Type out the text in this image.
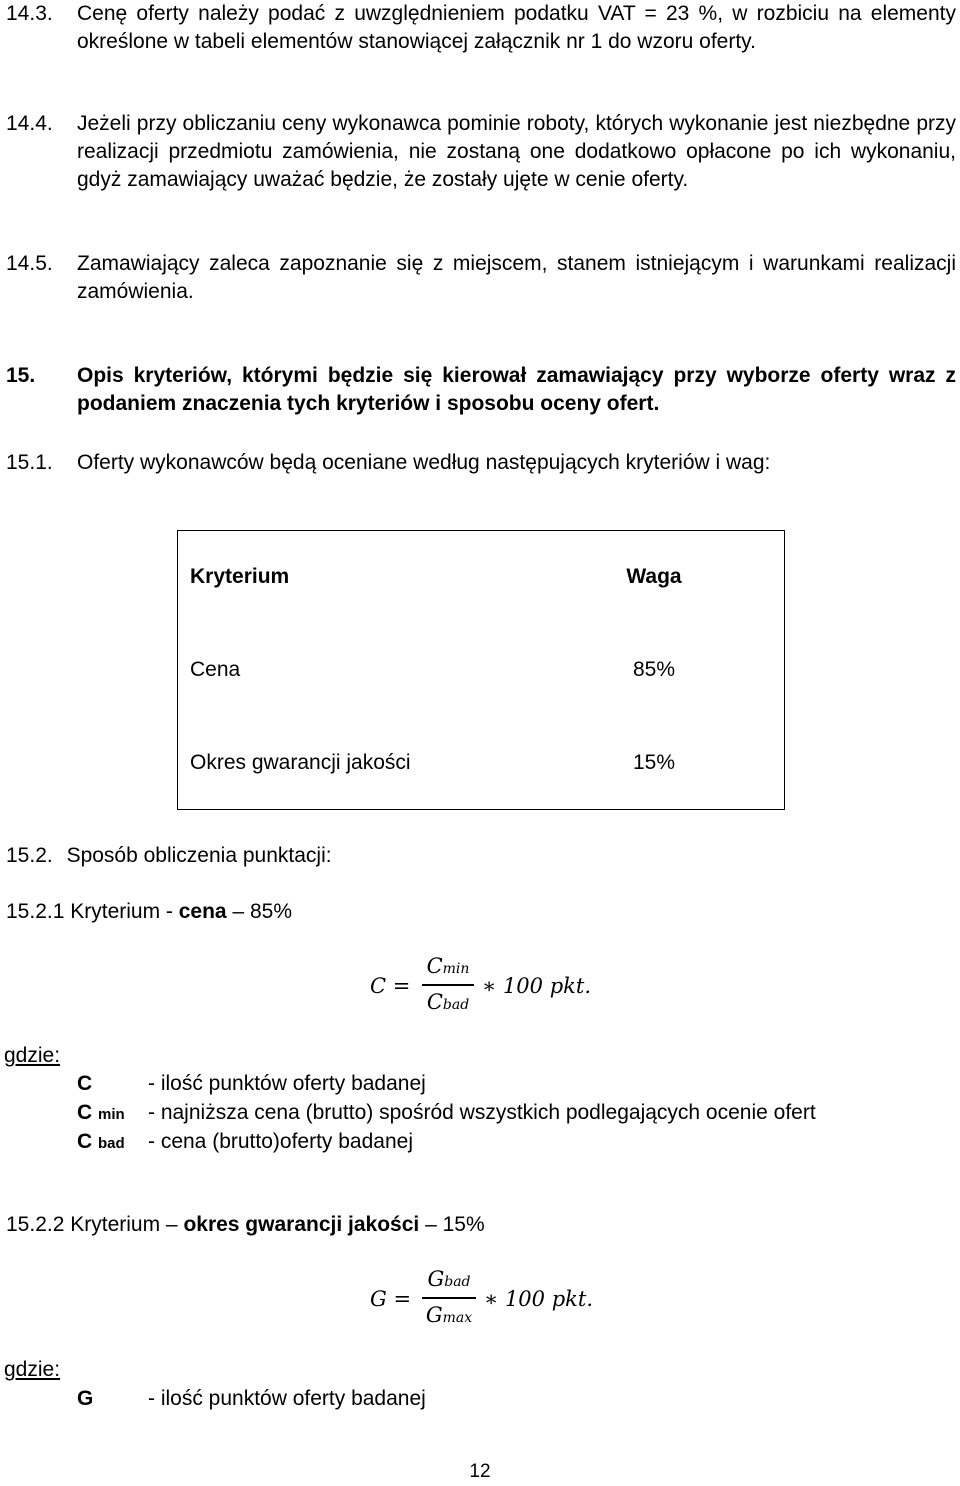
14.3. Cenę oferty należy podać z uwzględnieniem podatku VAT = 23 %, w rozbiciu na elementy określone w tabeli elementów stanowiącej załącznik nr 1 do wzoru oferty.
14.4. Jeżeli przy obliczaniu ceny wykonawca pominie roboty, których wykonanie jest niezbędne przy realizacji przedmiotu zamówienia, nie zostaną one dodatkowo opłacone po ich wykonaniu, gdyż zamawiający uważać będzie, że zostały ujęte w cenie oferty.
14.5. Zamawiający zaleca zapoznanie się z miejscem, stanem istniejącym i warunkami realizacji zamówienia.
15. Opis kryteriów, którymi będzie się kierował zamawiający przy wyborze oferty wraz z podaniem znaczenia tych kryteriów i sposobu oceny ofert.
15.1. Oferty wykonawców będą oceniane według następujących kryteriów i wag:
Kryterium	Waga
Cena	85%
Okres gwarancji jakości	15%
15.2. Sposób obliczenia punktacji:
15.2.1 Kryterium - cena – 85%
C =
Cmin
Cbad
∗ 100 pkt.
gdzie:
C	- ilość punktów oferty badanej
C min - najniższa cena (brutto) spośród wszystkich podlegających ocenie ofert
C bad - cena (brutto)oferty badanej
15.2.2 Kryterium – okres gwarancji jakości – 15%
G =
Gbad
Gmax
∗ 100 pkt.
gdzie:
G	- ilość punktów oferty badanej
12
